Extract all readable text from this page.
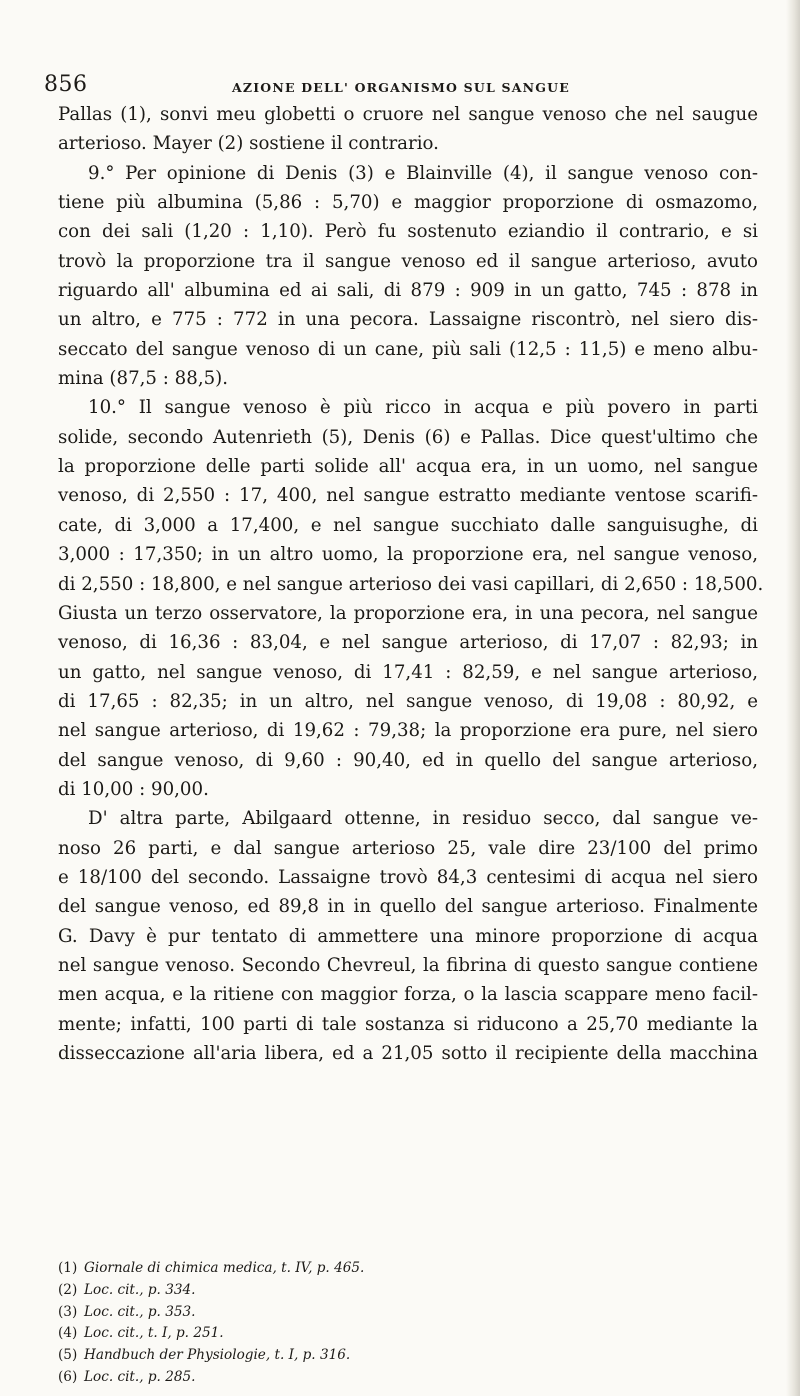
856	AZIONE DELL' ORGANISMO SUL SANGUE
Pallas (1), sonvi meu globetti o cruore nel sangue venoso che nel saugue
arterioso. Mayer (2) sostiene il contrario.
9.° Per opinione di Denis (3) e Blainville (4), il sangue venoso con-
tiene più albumina (5,86 : 5,70) e maggior proporzione di osmazomo,
con dei sali (1,20 : 1,10). Però fu sostenuto eziandio il contrario, e si
trovò la proporzione tra il sangue venoso ed il sangue arterioso, avuto
riguardo all' albumina ed ai sali, di 879 : 909 in un gatto, 745 : 878 in
un altro, e 775 : 772 in una pecora. Lassaigne riscontrò, nel siero dis-
seccato del sangue venoso di un cane, più sali (12,5 : 11,5) e meno albu-
mina (87,5 : 88,5).
10.° Il sangue venoso è più ricco in acqua e più povero in parti
solide, secondo Autenrieth (5), Denis (6) e Pallas. Dice quest'ultimo che
la proporzione delle parti solide all' acqua era, in un uomo, nel sangue
venoso, di 2,550 : 17, 400, nel sangue estratto mediante ventose scarifi-
cate, di 3,000 a 17,400, e nel sangue succhiato dalle sanguisughe, di
3,000 : 17,350; in un altro uomo, la proporzione era, nel sangue venoso,
di 2,550 : 18,800, e nel sangue arterioso dei vasi capillari, di 2,650 : 18,500.
Giusta un terzo osservatore, la proporzione era, in una pecora, nel sangue
venoso, di 16,36 : 83,04, e nel sangue arterioso, di 17,07 : 82,93; in
un gatto, nel sangue venoso, di 17,41 : 82,59, e nel sangue arterioso,
di 17,65 : 82,35; in un altro, nel sangue venoso, di 19,08 : 80,92, e
nel sangue arterioso, di 19,62 : 79,38; la proporzione era pure, nel siero
del sangue venoso, di 9,60 : 90,40, ed in quello del sangue arterioso,
di 10,00 : 90,00.
D' altra parte, Abilgaard ottenne, in residuo secco, dal sangue ve-
noso 26 parti, e dal sangue arterioso 25, vale dire 23/100 del primo
e 18/100 del secondo. Lassaigne trovò 84,3 centesimi di acqua nel siero
del sangue venoso, ed 89,8 in in quello del sangue arterioso. Finalmente
G. Davy è pur tentato di ammettere una minore proporzione di acqua
nel sangue venoso. Secondo Chevreul, la fibrina di questo sangue contiene
men acqua, e la ritiene con maggior forza, o la lascia scappare meno facil-
mente; infatti, 100 parti di tale sostanza si riducono a 25,70 mediante la
disseccazione all'aria libera, ed a 21,05 sotto il recipiente della macchina
(1) Giornale di chimica medica, t. IV, p. 465.
(2) Loc. cit., p. 334.
(3) Loc. cit., p. 353.
(4) Loc. cit., t. I, p. 251.
(5) Handbuch der Physiologie, t. I, p. 316.
(6) Loc. cit., p. 285.
